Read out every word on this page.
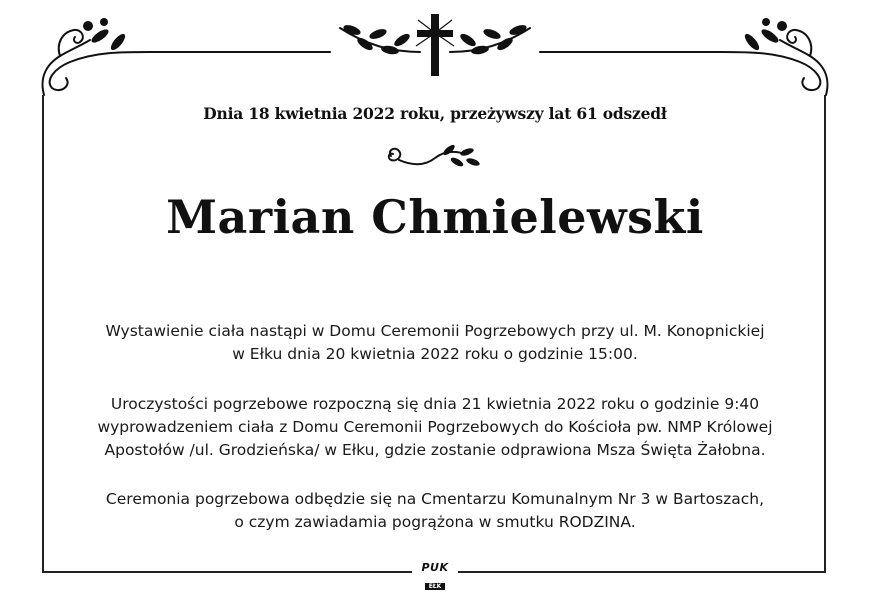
Dnia 18 kwietnia 2022 roku, przeżywszy lat 61 odszedł
Marian Chmielewski
Wystawienie ciała nastąpi w Domu Ceremonii Pogrzebowych przy ul. M. Konopnickiej
w Ełku dnia 20 kwietnia 2022 roku o godzinie 15:00.
Uroczystości pogrzebowe rozpoczną się dnia 21 kwietnia 2022 roku o godzinie 9:40
wyprowadzeniem ciała z Domu Ceremonii Pogrzebowych do Kościoła pw. NMP Królowej
Apostołów /ul. Grodzieńska/ w Ełku, gdzie zostanie odprawiona Msza Święta Żałobna.
Ceremonia pogrzebowa odbędzie się na Cmentarzu Komunalnym Nr 3 w Bartoszach,
o czym zawiadamia pogrążona w smutku RODZINA.
PUK
EŁK
